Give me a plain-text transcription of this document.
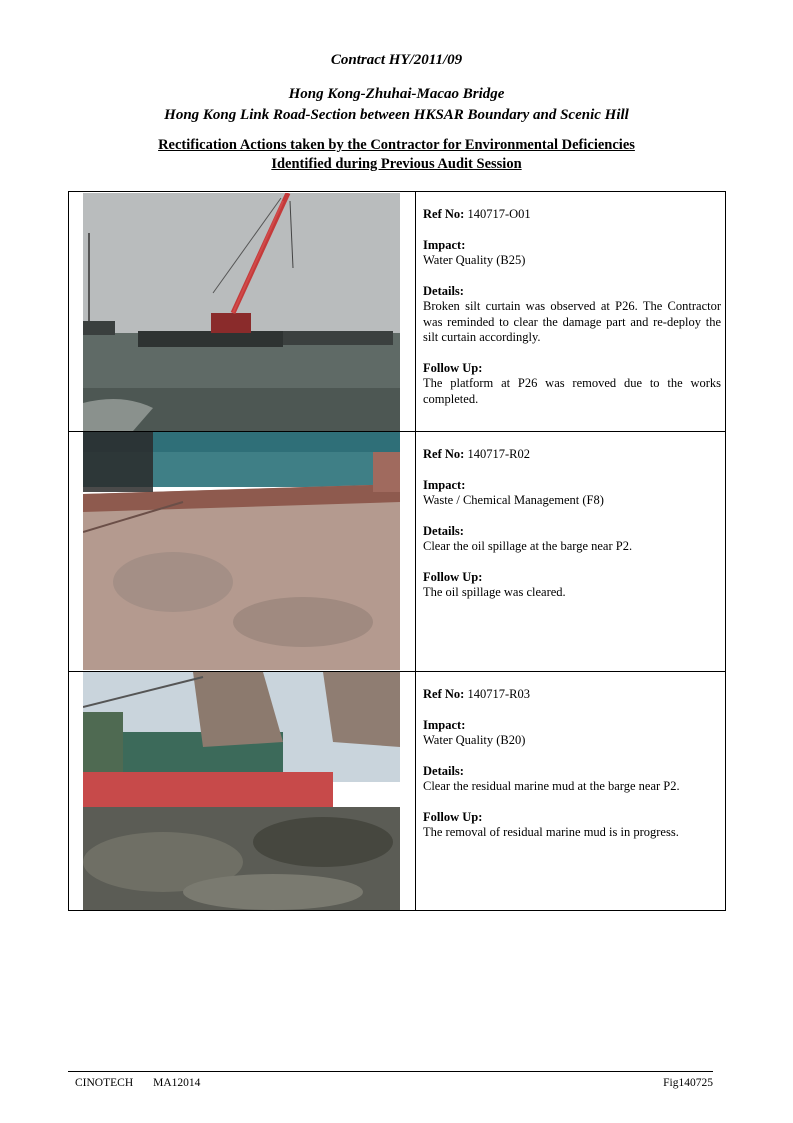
Contract HY/2011/09
Hong Kong-Zhuhai-Macao Bridge
Hong Kong Link Road-Section between HKSAR Boundary and Scenic Hill
Rectification Actions taken by the Contractor for Environmental Deficiencies
Identified during Previous Audit Session

Ref No: 140717-O01

Impact:
Water Quality (B25)

Details:
Broken silt curtain was observed at P26. The Contractor was reminded to clear the damage part and re-deploy the silt curtain accordingly.

Follow Up:
The platform at P26 was removed due to the works completed.

Ref No: 140717-R02

Impact:
Waste / Chemical Management (F8)

Details:
Clear the oil spillage at the barge near P2.

Follow Up:
The oil spillage was cleared.

Ref No: 140717-R03

Impact:
Water Quality (B20)

Details:
Clear the residual marine mud at the barge near P2.

Follow Up:
The removal of residual marine mud is in progress.

CINOTECH MA12014	Fig140725
